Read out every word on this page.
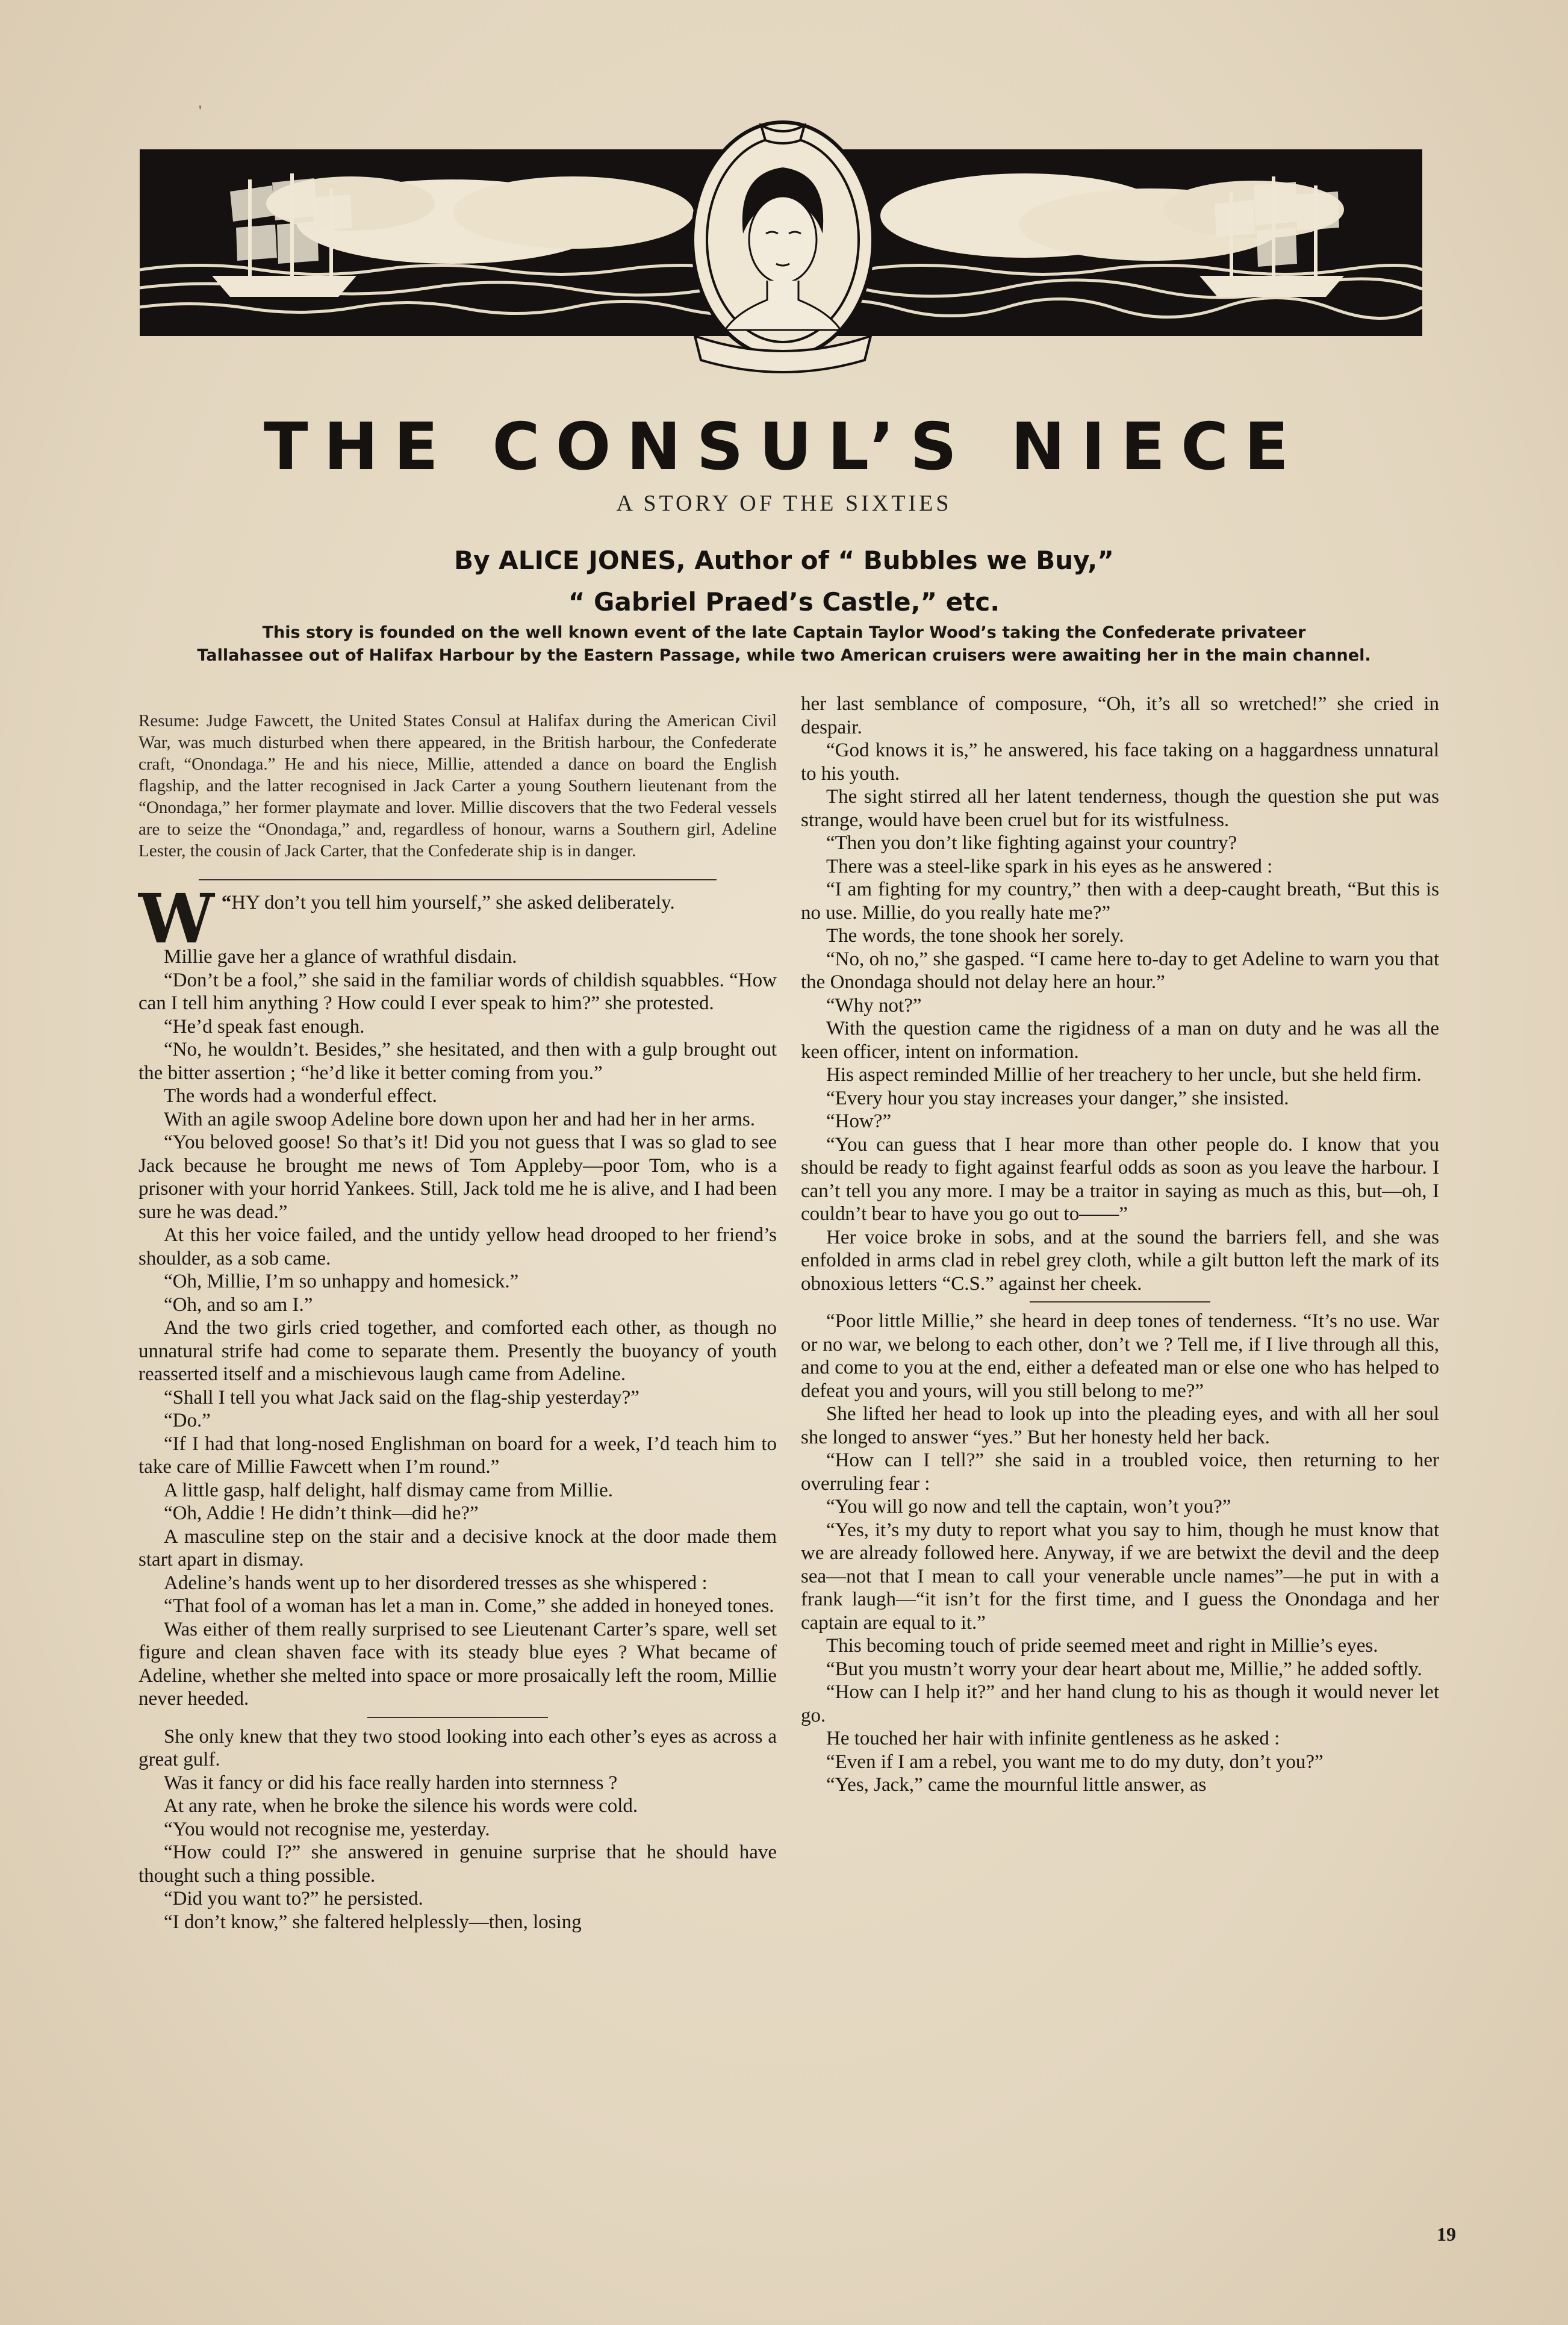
'
THE CONSUL’S NIECE
A STORY OF THE SIXTIES
By ALICE JONES, Author of “ Bubbles we Buy,”
“ Gabriel Praed’s Castle,” etc.
This story is founded on the well known event of the late Captain Taylor Wood’s taking the Confederate privateer
Tallahassee out of Halifax Harbour by the Eastern Passage, while two American cruisers were awaiting her in the main channel.

Resume: Judge Fawcett, the United States Consul at Halifax during the American Civil War, was much disturbed when there appeared, in the British harbour, the Confederate craft, “Onondaga.” He and his niece, Millie, attended a dance on board the English flagship, and the latter recognised in Jack Carter a young Southern lieutenant from the “Onondaga,” her former playmate and lover. Millie discovers that the two Federal vessels are to seize the “Onondaga,” and, regardless of honour, warns a Southern girl, Adeline Lester, the cousin of Jack Carter, that the Confederate ship is in danger.

“
W HY don’t you tell him yourself,” she asked deliberately.

Millie gave her a glance of wrathful disdain.

“Don’t be a fool,” she said in the familiar words of childish squabbles. “How can I tell him anything ? How could I ever speak to him?” she protested.

“He’d speak fast enough.

“No, he wouldn’t. Besides,” she hesitated, and then with a gulp brought out the bitter assertion ; “he’d like it better coming from you.”

The words had a wonderful effect.

With an agile swoop Adeline bore down upon her and had her in her arms.

“You beloved goose! So that’s it! Did you not guess that I was so glad to see Jack because he brought me news of Tom Appleby—poor Tom, who is a prisoner with your horrid Yankees. Still, Jack told me he is alive, and I had been sure he was dead.”

At this her voice failed, and the untidy yellow head drooped to her friend’s shoulder, as a sob came.

“Oh, Millie, I’m so unhappy and homesick.”

“Oh, and so am I.”

And the two girls cried together, and comforted each other, as though no unnatural strife had come to separate them. Presently the buoyancy of youth reasserted itself and a mischievous laugh came from Adeline.

“Shall I tell you what Jack said on the flag-ship yesterday?”

“Do.”

“If I had that long-nosed Englishman on board for a week, I’d teach him to take care of Millie Fawcett when I’m round.”

A little gasp, half delight, half dismay came from Millie.

“Oh, Addie ! He didn’t think—did he?”

A masculine step on the stair and a decisive knock at the door made them start apart in dismay.

Adeline’s hands went up to her disordered tresses as she whispered :

“That fool of a woman has let a man in. Come,” she added in honeyed tones.

Was either of them really surprised to see Lieutenant Carter’s spare, well set figure and clean shaven face with its steady blue eyes ? What became of Adeline, whether she melted into space or more prosaically left the room, Millie never heeded.

She only knew that they two stood looking into each other’s eyes as across a great gulf.

Was it fancy or did his face really harden into sternness ?

At any rate, when he broke the silence his words were cold.

“You would not recognise me, yesterday.

“How could I?” she answered in genuine surprise that he should have thought such a thing possible.

“Did you want to?” he persisted.

“I don’t know,” she faltered helplessly—then, losing

her last semblance of composure, “Oh, it’s all so wretched!” she cried in despair.

“God knows it is,” he answered, his face taking on a haggardness unnatural to his youth.

The sight stirred all her latent tenderness, though the question she put was strange, would have been cruel but for its wistfulness.

“Then you don’t like fighting against your country?

There was a steel-like spark in his eyes as he answered :

“I am fighting for my country,” then with a deep-caught breath, “But this is no use. Millie, do you really hate me?”

The words, the tone shook her sorely.

“No, oh no,” she gasped. “I came here to-day to get Adeline to warn you that the Onondaga should not delay here an hour.”

“Why not?”

With the question came the rigidness of a man on duty and he was all the keen officer, intent on information.

His aspect reminded Millie of her treachery to her uncle, but she held firm.

“Every hour you stay increases your danger,” she insisted.

“How?”

“You can guess that I hear more than other people do. I know that you should be ready to fight against fearful odds as soon as you leave the harbour. I can’t tell you any more. I may be a traitor in saying as much as this, but—oh, I couldn’t bear to have you go out to——”

Her voice broke in sobs, and at the sound the barriers fell, and she was enfolded in arms clad in rebel grey cloth, while a gilt button left the mark of its obnoxious letters “C.S.” against her cheek.

“Poor little Millie,” she heard in deep tones of tenderness. “It’s no use. War or no war, we belong to each other, don’t we ? Tell me, if I live through all this, and come to you at the end, either a defeated man or else one who has helped to defeat you and yours, will you still belong to me?”

She lifted her head to look up into the pleading eyes, and with all her soul she longed to answer “yes.” But her honesty held her back.

“How can I tell?” she said in a troubled voice, then returning to her overruling fear :

“You will go now and tell the captain, won’t you?”

“Yes, it’s my duty to report what you say to him, though he must know that we are already followed here. Anyway, if we are betwixt the devil and the deep sea—not that I mean to call your venerable uncle names”—he put in with a frank laugh—“it isn’t for the first time, and I guess the Onondaga and her captain are equal to it.”

This becoming touch of pride seemed meet and right in Millie’s eyes.

“But you mustn’t worry your dear heart about me, Millie,” he added softly.

“How can I help it?” and her hand clung to his as though it would never let go.

He touched her hair with infinite gentleness as he asked :

“Even if I am a rebel, you want me to do my duty, don’t you?”

“Yes, Jack,” came the mournful little answer, as

19
